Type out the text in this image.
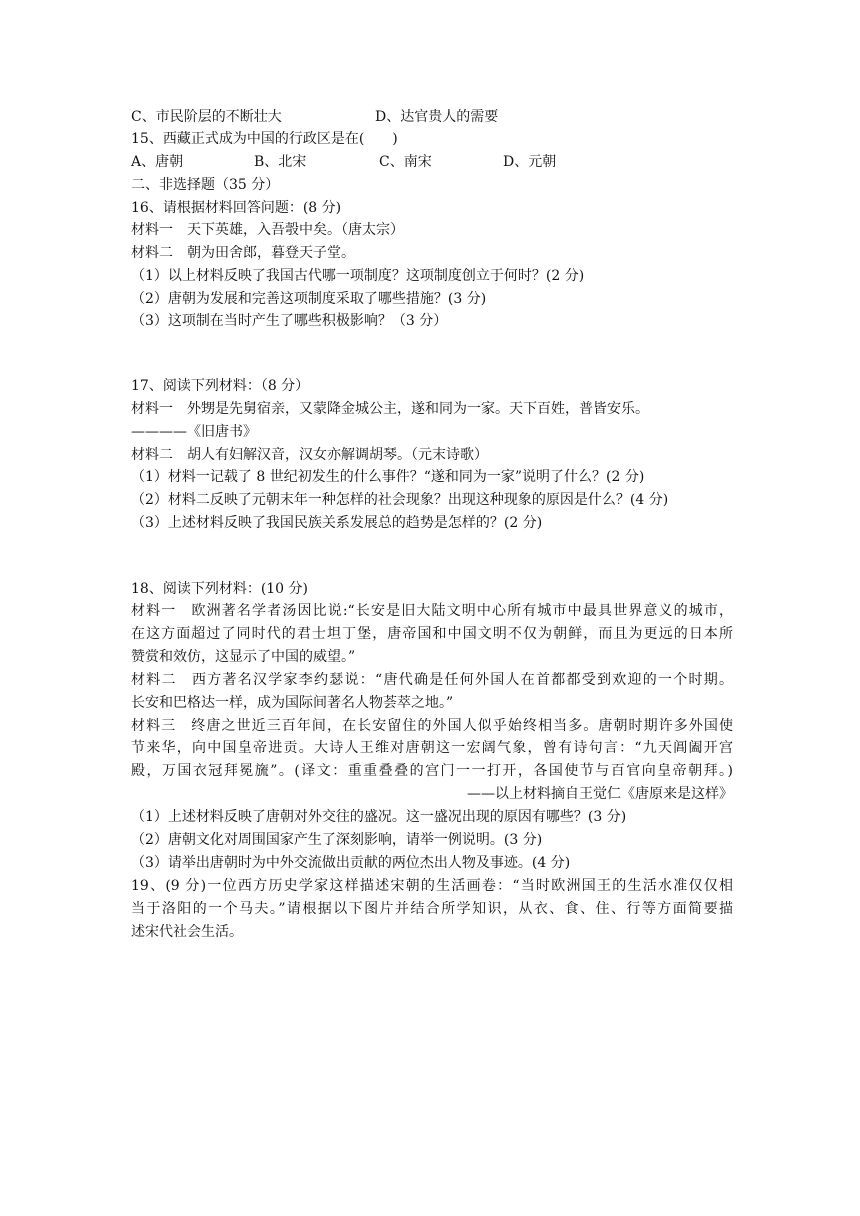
C、市民阶层的不断壮大	D、达官贵人的需要
15、西藏正式成为中国的行政区是在(　　)
A、唐朝	B、北宋	C、南宋	D、元朝
二、非选择题（35 分）
16、请根据材料回答问题：(8 分)
材料一　天下英雄，入吾彀中矣。（唐太宗）
材料二　朝为田舍郎，暮登天子堂。
（1）以上材料反映了我国古代哪一项制度？这项制度创立于何时？(2 分)
（2）唐朝为发展和完善这项制度采取了哪些措施？(3 分)
（3）这项制在当时产生了哪些积极影响？（3 分）
17、阅读下列材料：（8 分）
材料一　外甥是先舅宿亲，又蒙降金城公主，遂和同为一家。天下百姓，普皆安乐。
————《旧唐书》
材料二　胡人有妇解汉音，汉女亦解调胡琴。（元末诗歌）
（1）材料一记载了 8 世纪初发生的什么事件？“遂和同为一家”说明了什么？(2 分)
（2）材料二反映了元朝末年一种怎样的社会现象？出现这种现象的原因是什么？(4 分)
（3）上述材料反映了我国民族关系发展总的趋势是怎样的？(2 分)
18、阅读下列材料：(10 分)
材料一　欧洲著名学者汤因比说:“长安是旧大陆文明中心所有城市中最具世界意义的城市，
在这方面超过了同时代的君士坦丁堡，唐帝国和中国文明不仅为朝鲜，而且为更远的日本所
赞赏和效仿，这显示了中国的威望。”
材料二　西方著名汉学家李约瑟说：“唐代确是任何外国人在首都都受到欢迎的一个时期。
长安和巴格达一样，成为国际间著名人物荟萃之地。”
材料三　终唐之世近三百年间，在长安留住的外国人似乎始终相当多。唐朝时期许多外国使
节来华，向中国皇帝进贡。大诗人王维对唐朝这一宏阔气象，曾有诗句言：“九天阊阖开宫
殿，万国衣冠拜冕旒”。(译文：重重叠叠的宫门一一打开，各国使节与百官向皇帝朝拜。)
——以上材料摘自王觉仁《唐原来是这样》
（1）上述材料反映了唐朝对外交往的盛况。这一盛况出现的原因有哪些？(3 分)
（2）唐朝文化对周围国家产生了深刻影响，请举一例说明。(3 分)
（3）请举出唐朝时为中外交流做出贡献的两位杰出人物及事迹。(4 分)
19、(9 分)一位西方历史学家这样描述宋朝的生活画卷：“当时欧洲国王的生活水准仅仅相
当于洛阳的一个马夫。”请根据以下图片并结合所学知识，从衣、食、住、行等方面简要描
述宋代社会生活。
